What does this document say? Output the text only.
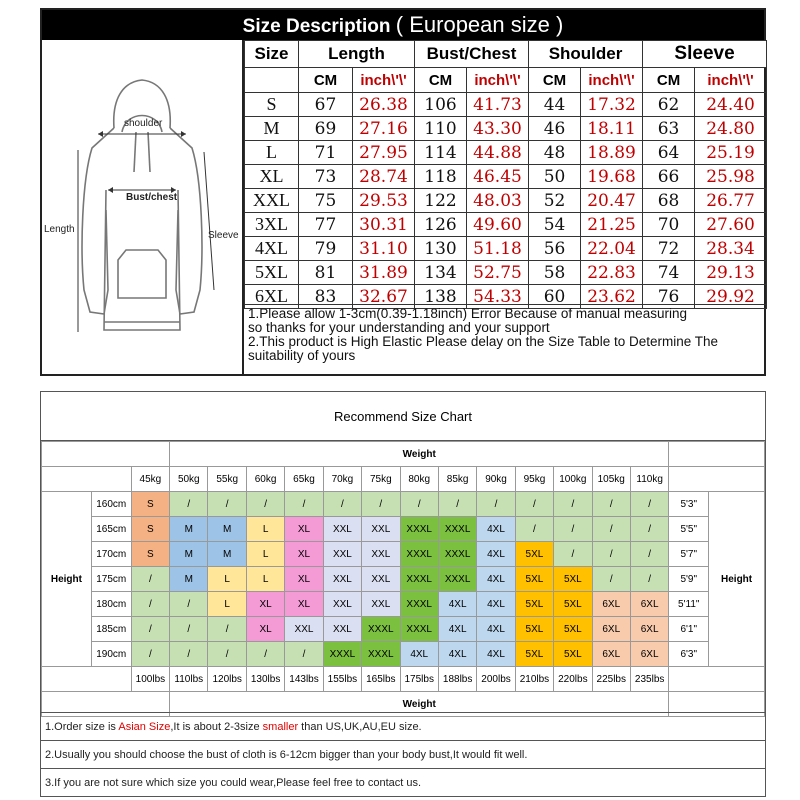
Size Description ( European size )
shoulder
Bust/chest
Length
Sleeve
Size	Length		Bust/Chest		Shoulder		Sleeve	
	CM	inch\'\'	CM	inch\'\'	CM	inch\'\'	CM	inch\'\'
S	67	26.38	106	41.73	44	17.32	62	24.40
M	69	27.16	110	43.30	46	18.11	63	24.80
L	71	27.95	114	44.88	48	18.89	64	25.19
XL	73	28.74	118	46.45	50	19.68	66	25.98
XXL	75	29.53	122	48.03	52	20.47	68	26.77
3XL	77	30.31	126	49.60	54	21.25	70	27.60
4XL	79	31.10	130	51.18	56	22.04	72	28.34
5XL	81	31.89	134	52.75	58	22.83	74	29.13
6XL	83	32.67	138	54.33	60	23.62	76	29.92
1.Please allow 1-3cm(0.39-1.18inch) Error Because of manual measuring
so thanks for your understanding and your support
2.This product is High Elastic Please delay on the Size Table to Determine The
suitability of yours
Recommend Size Chart
			Weight														
		45kg	50kg	55kg	60kg	65kg	70kg	75kg	80kg	85kg	90kg	95kg	100kg	105kg	110kg		
Height	160cm	S	/	/	/	/	/	/	/	/	/	/	/	/	/	5'3"	Height
	165cm	S	M	M	L	XL	XXL	XXL	XXXL	XXXL	4XL	/	/	/	/	5'5"	
	170cm	S	M	M	L	XL	XXL	XXL	XXXL	XXXL	4XL	5XL	/	/	/	5'7"	
	175cm	/	M	L	L	XL	XXL	XXL	XXXL	XXXL	4XL	5XL	5XL	/	/	5'9"	
	180cm	/	/	L	XL	XL	XXL	XXL	XXXL	4XL	4XL	5XL	5XL	6XL	6XL	5'11"	
	185cm	/	/	/	XL	XXL	XXL	XXXL	XXXL	4XL	4XL	5XL	5XL	6XL	6XL	6'1"	
	190cm	/	/	/	/	/	XXXL	XXXL	4XL	4XL	4XL	5XL	5XL	6XL	6XL	6'3"	
		100lbs	110lbs	120lbs	130lbs	143lbs	155lbs	165lbs	175lbs	188lbs	200lbs	210lbs	220lbs	225lbs	235lbs		
			Weight														
1.Order size is Asian Size,It is about 2-3size smaller than US,UK,AU,EU size.
2.Usually you should choose the bust of cloth is 6-12cm bigger than your body bust,It would fit well.
3.If you are not sure which size you could wear,Please feel free to contact us.
